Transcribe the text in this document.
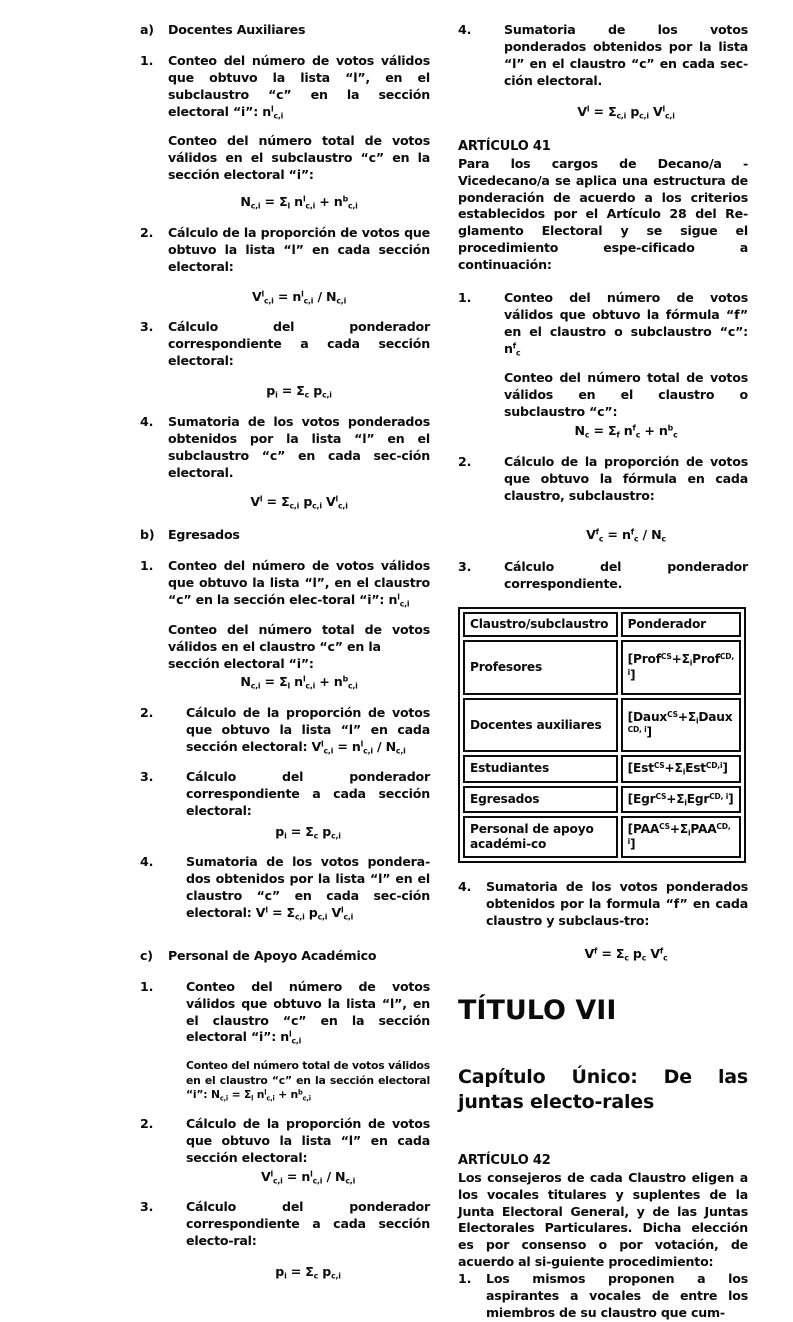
a)	Docentes Auxiliares
1.	Conteo del número de votos válidos que obtuvo la lista “l”, en el subclaustro “c” en la sección electoral “i”: $n^l_{c,i}$
Conteo del número total de votos válidos en el subclaustro “c” en la sección electoral “i”:
$N_{c,i} = \Sigma_l$ $n^l_{c,i} + n^b_{c,i}$
2.	Cálculo de la proporción de votos que obtuvo la lista “l” en cada sección electoral:
$V^l_{c,i} = n^l_{c,i} / N_{c,i}$
3.	Cálculo del ponderador correspondiente a cada sección electoral:
$p_i = \Sigma_c$ $p_{c,i}$
4.	Sumatoria de los votos ponderados obtenidos por la lista “l” en el subclaustro “c” en cada sec-ción electoral.
$V^l = \Sigma_{c,i}$ $p_{c,i}$ $V^l_{c,i}$
b)	Egresados
1.	Conteo del número de votos válidos que obtuvo la lista “l”, en el claustro “c” en la sección elec-toral “i”: $n^l_{c,i}$
Conteo del número total de votos válidos en el claustro “c” en la
sección electoral “i”:
$N_{c,i} = \Sigma_l$ $n^l_{c,i} + n^b_{c,i}$
2.	Cálculo de la proporción de votos que obtuvo la lista “l” en cada sección electoral: $V^l_{c,i} = n^l_{c,i} / N_{c,i}$
3.	Cálculo del ponderador correspondiente a cada sección electoral:
$p_i = \Sigma_c$ $p_{c,i}$
4.	Sumatoria de los votos pondera-dos obtenidos por la lista “l” en el claustro “c” en cada sec-ción electoral: $V^l = \Sigma_{c,i}$ $p_{c,i}$ $V^l_{c,i}$
c)	Personal de Apoyo Académico
1.	Conteo del número de votos válidos que obtuvo la lista “l”, en el claustro “c” en la sección electoral “i”: $n^l_{c,i}$
Conteo del número total de votos válidos en el claustro “c” en la sección electoral “i”: $N_{c,i} = \Sigma_l$ $n^l_{c,i} + n^b_{c,i}$
2.	Cálculo de la proporción de votos que obtuvo la lista “l” en cada sección electoral:
$V^l_{c,i} = n^l_{c,i} / N_{c,i}$
3.	Cálculo del ponderador correspondiente a cada sección electo-ral:
$p_i = \Sigma_c$ $p_{c,i}$
4.	Sumatoria de los votos ponderados obtenidos por la lista “l” en el claustro “c” en cada sec-ción electoral.
$V^l = \Sigma_{c,i}$ $p_{c,i}$ $V^l_{c,i}$
ARTÍCULO 41
Para los cargos de Decano/a - Vicedecano/a se aplica una estructura de ponderación de acuerdo a los criterios establecidos por el Artículo 28 del Re-glamento Electoral y se sigue el procedimiento espe-cificado a continuación:
1.	Conteo del número de votos válidos que obtuvo la fórmula “f” en el claustro o subclaustro “c”: $n^f_c$
Conteo del número total de votos válidos en el claustro o subclaustro “c”:
$N_c = \Sigma_f$ $n^f_c + n^b_c$
2.	Cálculo de la proporción de votos que obtuvo la fórmula en cada claustro, subclaustro:
$V^f_c = n^f_c / N_c$
3.	Cálculo del ponderador correspondiente.
Claustro/subclaustro	Ponderador
Profesores	$[Prof^{CS}+\Sigma_iProf^{CD, i}]$
Docentes auxiliares	[$Daux^{CS}+\Sigma_iDaux$ $^{CD, i}$]
Estudiantes	$[Est^{CS}+\Sigma_iEst^{CD,i}]$
Egresados	$[Egr^{CS}+\Sigma_iEgr^{CD, i}]$
Personal de apoyo académi-co	$[PAA^{CS}+\Sigma_iPAA^{CD, i}]$
4.	Sumatoria de los votos ponderados obtenidos por la formula “f” en cada claustro y subclaus-tro:
$V^f = \Sigma_c$ $p_c$ $V^f_c$
TÍTULO VII
Capítulo Único: De las juntas electo-rales
ARTÍCULO 42
Los consejeros de cada Claustro eligen a los vocales titulares y suplentes de la Junta Electoral General, y de las Juntas Electorales Particulares. Dicha elección es por consenso o por votación, de acuerdo al si-guiente procedimiento:
1.	Los mismos proponen a los aspirantes a vocales de entre los miembros de su claustro que cum-
